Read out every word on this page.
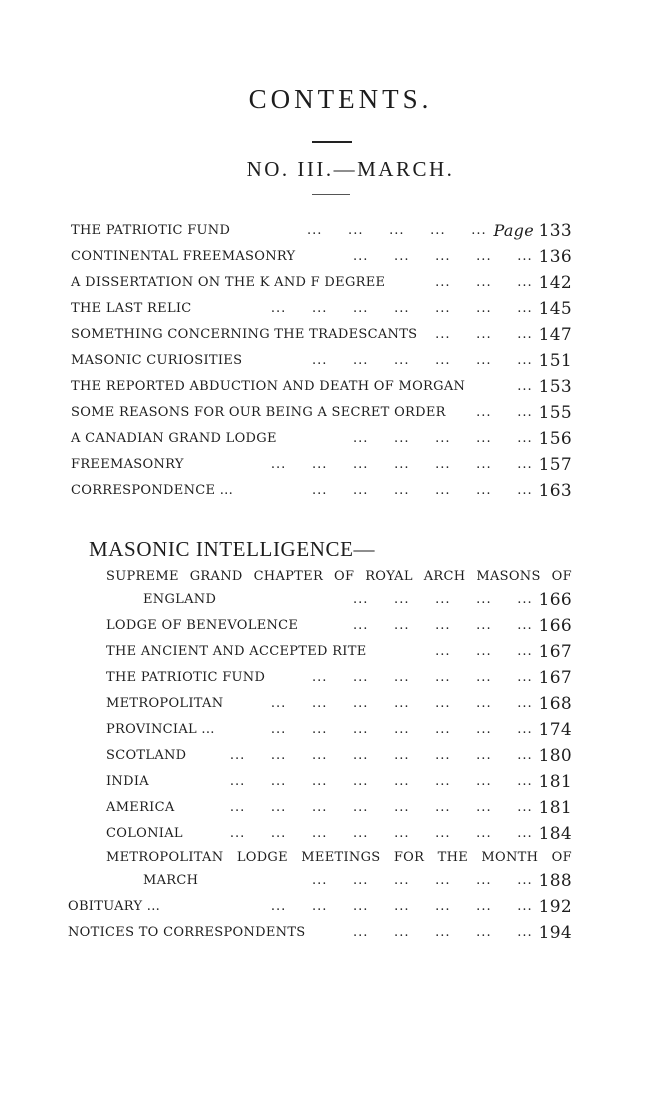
CONTENTS.
NO. III.—MARCH.
THE PATRIOTIC FUND	...     ...     ...     ...     ... Page 133
CONTINENTAL FREEMASONRY	...     ...     ...     ...     ... 136
A DISSERTATION ON THE K AND F DEGREE	...     ...     ... 142
THE LAST RELIC	...     ...     ...     ...     ...     ...     ... 145
SOMETHING CONCERNING THE TRADESCANTS ...     ...     ... 147
MASONIC CURIOSITIES	...     ...     ...     ...     ...     ... 151
THE REPORTED ABDUCTION AND DEATH OF MORGAN	... 153
SOME REASONS FOR OUR BEING A SECRET ORDER ...     ... 155
A CANADIAN GRAND LODGE	...     ...     ...     ...     ... 156
FREEMASONRY	...     ...     ...     ...     ...     ...     ... 157
CORRESPONDENCE ...	...     ...     ...     ...     ...     ... 163
MASONIC INTELLIGENCE—
SUPREME GRAND CHAPTER OF ROYAL ARCH MASONS OF
ENGLAND	...     ...     ...     ...     ... 166
LODGE OF BENEVOLENCE	...     ...     ...     ...     ... 166
THE ANCIENT AND ACCEPTED RITE	...     ...     ... 167
THE PATRIOTIC FUND	...     ...     ...     ...     ...     ... 167
METROPOLITAN	...     ...     ...     ...     ...     ...     ... 168
PROVINCIAL ...	...     ...     ...     ...     ...     ...     ... 174
SCOTLAND	...     ...     ...     ...     ...     ...     ...     ... 180
INDIA	...     ...     ...     ...     ...     ...     ...     ... 181
AMERICA	...     ...     ...     ...     ...     ...     ...     ... 181
COLONIAL	...     ...     ...     ...     ...     ...     ...     ... 184
METROPOLITAN LODGE MEETINGS FOR THE MONTH OF
MARCH	...     ...     ...     ...     ...     ... 188
OBITUARY ...	...     ...     ...     ...     ...     ...     ... 192
NOTICES TO CORRESPONDENTS	...     ...     ...     ...     ... 194
